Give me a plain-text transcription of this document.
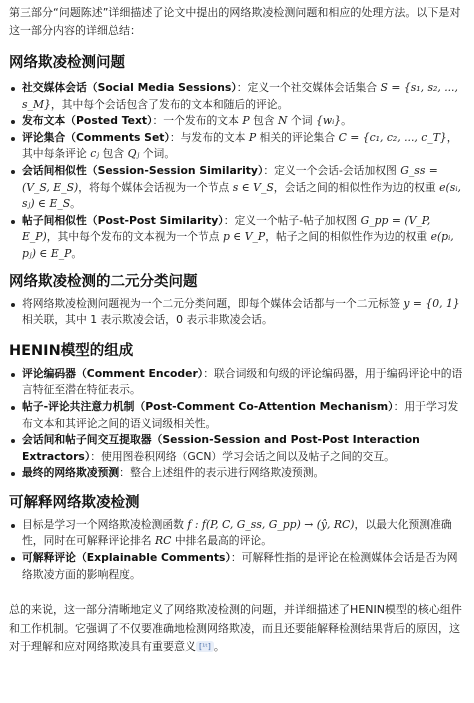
第三部分“问题陈述”详细描述了论文中提出的网络欺凌检测问题和相应的处理方法。以下是对这一部分内容的详细总结：

网络欺凌检测问题
社交媒体会话（Social Media Sessions）：定义一个社交媒体会话集合 S = {s₁, s₂, ..., s_M}，其中每个会话包含了发布的文本和随后的评论。
发布文本（Posted Text）：一个发布的文本 P 包含 N 个词 {wᵢ}。
评论集合（Comments Set）：与发布的文本 P 相关的评论集合 C = {c₁, c₂, ..., c_T}，其中每条评论 cⱼ 包含 Qⱼ 个词。
会话间相似性（Session-Session Similarity）：定义一个会话-会话加权图 G_ss = (V_S, E_S)，将每个媒体会话视为一个节点 s ∈ V_S，会话之间的相似性作为边的权重 e(sᵢ, sⱼ) ∈ E_S。
帖子间相似性（Post-Post Similarity）：定义一个帖子-帖子加权图 G_pp = (V_P, E_P)，其中每个发布的文本视为一个节点 p ∈ V_P，帖子之间的相似性作为边的权重 e(pᵢ, pⱼ) ∈ E_P。
网络欺凌检测的二元分类问题
将网络欺凌检测问题视为一个二元分类问题，即每个媒体会话都与一个二元标签 y = {0, 1} 相关联，其中 1 表示欺凌会话，0 表示非欺凌会话。
HENIN模型的组成
评论编码器（Comment Encoder）：联合词级和句级的评论编码器，用于编码评论中的语言特征至潜在特征表示。
帖子-评论共注意力机制（Post-Comment Co-Attention Mechanism）：用于学习发布文本和其评论之间的语义词级相关性。
会话间和帖子间交互提取器（Session-Session and Post-Post Interaction Extractors）：使用图卷积网络（GCN）学习会话之间以及帖子之间的交互。
最终的网络欺凌预测：整合上述组件的表示进行网络欺凌预测。
可解释网络欺凌检测
目标是学习一个网络欺凌检测函数 f : f(P, C, G_ss, G_pp) → (ŷ, RC)，以最大化预测准确性，同时在可解释评论排名 RC 中排名最高的评论。
可解释评论（Explainable Comments）：可解释性指的是评论在检测媒体会话是否为网络欺凌方面的影响程度。

总的来说，这一部分清晰地定义了网络欺凌检测的问题，并详细描述了HENIN模型的核心组件和工作机制。它强调了不仅要准确地检测网络欺凌，而且还要能解释检测结果背后的原因，这对于理解和应对网络欺凌具有重要意义 [¹ᵗ] 。
